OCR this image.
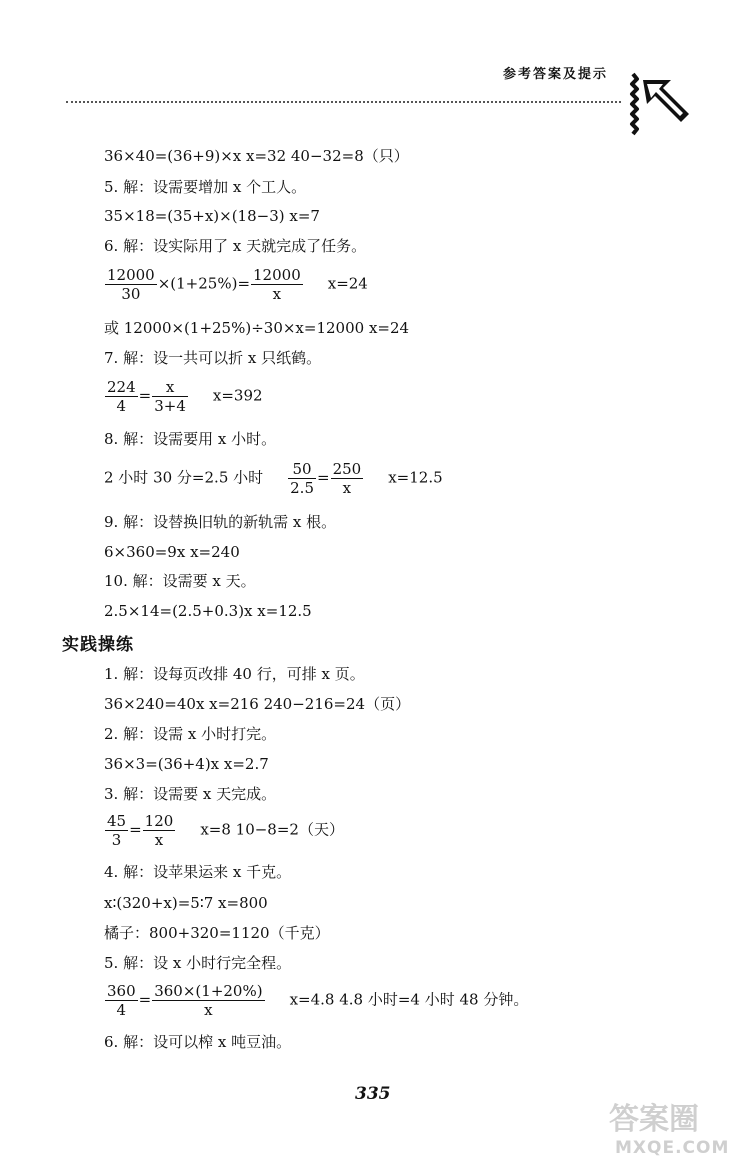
参考答案及提示
36×40=(36+9)×x x=32 40−32=8（只）
5. 解：设需要增加 x 个工人。
35×18=(35+x)×(18−3) x=7
6. 解：设实际用了 x 天就完成了任务。
$\frac{12000}{30} \times(1+25\%)= \frac{12000}{x} x=24$
或 12000×(1+25%)÷30×x=12000 x=24
7. 解：设一共可以折 x 只纸鹤。
$\frac{224}{4} = \frac{x}{3+4} x=392$
8. 解：设需要用 x 小时。
2 小时 30 分=2.5 小时 $\frac{50}{2.5} = \frac{250}{x} x=12.5$
9. 解：设替换旧轨的新轨需 x 根。
6×360=9x x=240
10. 解：设需要 x 天。
2.5×14=(2.5+0.3)x x=12.5
实践操练
1. 解：设每页改排 40 行，可排 x 页。
36×240=40x x=216 240−216=24（页）
2. 解：设需 x 小时打完。
36×3=(36+4)x x=2.7
3. 解：设需要 x 天完成。
$\frac{45}{3} = \frac{120}{x} x=8$ 10−8=2（天）
4. 解：设苹果运来 x 千克。
x∶(320+x)=5∶7 x=800
橘子：800+320=1120（千克）
5. 解：设 x 小时行完全程。
$\frac{360}{4} = \frac{360\times(1+20\%)}{x} x=4.8$ 4.8 小时=4 小时 48 分钟。
6. 解：设可以榨 x 吨豆油。
335
答案圈
MXQE.COM
